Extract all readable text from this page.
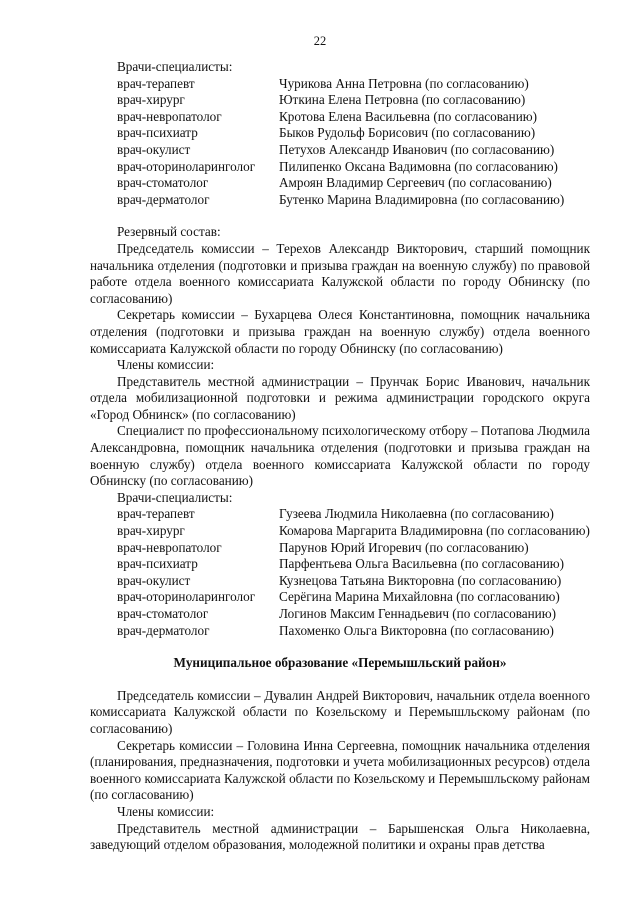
22

Врачи-специалисты:

врач-терапевт	Чурикова Анна Петровна (по согласованию)
врач-хирург	Юткина Елена Петровна (по согласованию)
врач-невропатолог	Кротова Елена Васильевна (по согласованию)
врач-психиатр	Быков Рудольф Борисович (по согласованию)
врач-окулист	Петухов Александр Иванович (по согласованию)
врач-оториноларинголог	Пилипенко Оксана Вадимовна (по согласованию)
врач-стоматолог	Амроян Владимир Сергеевич (по согласованию)
врач-дерматолог	Бутенко Марина Владимировна (по согласованию)

Резервный состав:

Председатель комиссии – Терехов Александр Викторович, старший помощник начальника отделения (подготовки и призыва граждан на военную службу) по правовой работе отдела военного комиссариата Калужской области по городу Обнинску (по согласованию)

Секретарь комиссии – Бухарцева Олеся Константиновна, помощник начальника отделения (подготовки и призыва граждан на военную службу) отдела военного комиссариата Калужской области по городу Обнинску (по согласованию)

Члены комиссии:

Представитель местной администрации – Прунчак Борис Иванович, начальник отдела мобилизационной подготовки и режима администрации городского округа «Город Обнинск» (по согласованию)

Специалист по профессиональному психологическому отбору – Потапова Людмила Александровна, помощник начальника отделения (подготовки и призыва граждан на военную службу) отдела военного комиссариата Калужской области по городу Обнинску (по согласованию)

Врачи-специалисты:

врач-терапевт	Гузеева Людмила Николаевна (по согласованию)
врач-хирург	Комарова Маргарита Владимировна (по согласованию)
врач-невропатолог	Парунов Юрий Игоревич (по согласованию)
врач-психиатр	Парфентьева Ольга Васильевна (по согласованию)
врач-окулист	Кузнецова Татьяна Викторовна (по согласованию)
врач-оториноларинголог	Серёгина Марина Михайловна (по согласованию)
врач-стоматолог	Логинов Максим Геннадьевич (по согласованию)
врач-дерматолог	Пахоменко Ольга Викторовна (по согласованию)

Муниципальное образование «Перемышльский район»

Председатель комиссии – Дувалин Андрей Викторович, начальник отдела военного комиссариата Калужской области по Козельскому и Перемышльскому районам (по согласованию)

Секретарь комиссии – Головина Инна Сергеевна, помощник начальника отделения (планирования, предназначения, подготовки и учета мобилизационных ресурсов) отдела военного комиссариата Калужской области по Козельскому и Перемышльскому районам (по согласованию)

Члены комиссии:

Представитель местной администрации – Барышенская Ольга Николаевна, заведующий отделом образования, молодежной политики и охраны прав детства
